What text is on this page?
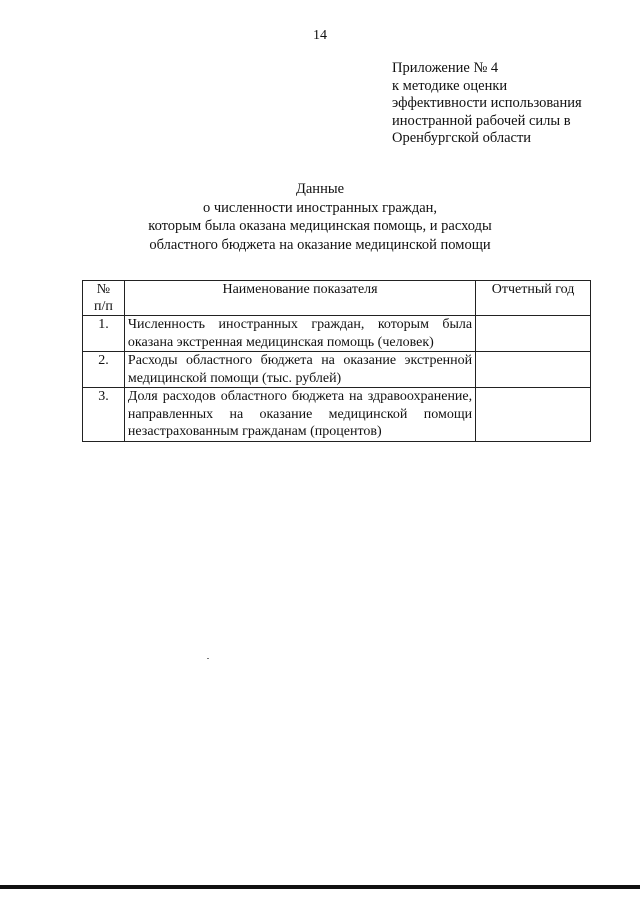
14
Приложение № 4
к методике оценки
эффективности использования
иностранной рабочей силы в
Оренбургской области
Данные
о численности иностранных граждан,
которым была оказана медицинская помощь, и расходы
областного бюджета на оказание медицинской помощи
№
п/п	Наименование показателя	Отчетный год
1.	Численность иностранных граждан, которым была оказана экстренная медицинская помощь (человек)	
2.	Расходы областного бюджета на оказание экстренной медицинской помощи (тыс. рублей)	
3.	Доля расходов областного бюджета на здравоохранение, направленных на оказание медицинской помощи незастрахованным гражданам (процентов)	
